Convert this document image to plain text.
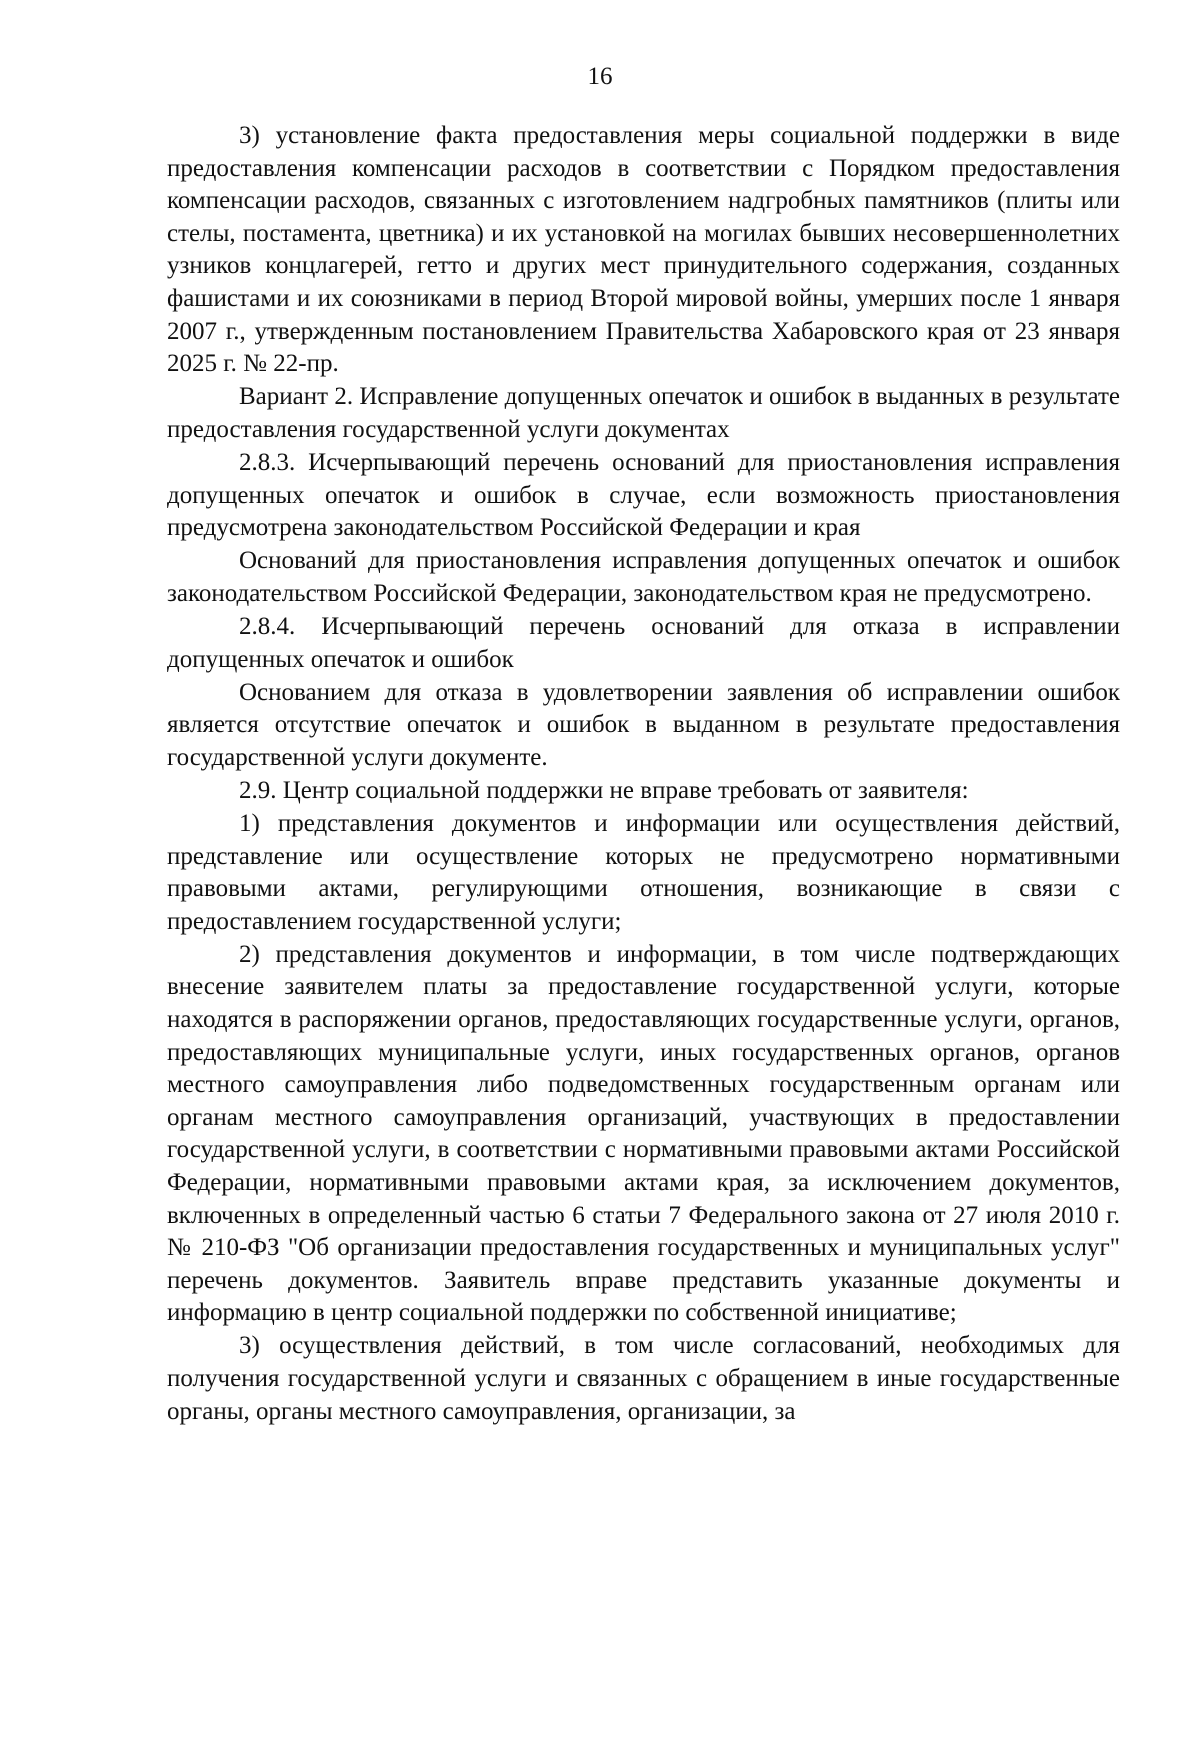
16

3) установление факта предоставления меры социальной поддержки в виде предоставления компенсации расходов в соответствии с Порядком предоставления компенсации расходов, связанных с изготовлением надгробных памятников (плиты или стелы, постамента, цветника) и их установкой на могилах бывших несовершеннолетних узников концлагерей, гетто и других мест принудительного содержания, созданных фашистами и их союзниками в период Второй мировой войны, умерших после 1 января 2007 г., утвержденным постановлением Правительства Хабаровского края от 23 января 2025 г. № 22-пр.

Вариант 2. Исправление допущенных опечаток и ошибок в выданных в результате предоставления государственной услуги документах

2.8.3. Исчерпывающий перечень оснований для приостановления исправления допущенных опечаток и ошибок в случае, если возможность приостановления предусмотрена законодательством Российской Федерации и края

Оснований для приостановления исправления допущенных опечаток и ошибок законодательством Российской Федерации, законодательством края не предусмотрено.

2.8.4. Исчерпывающий перечень оснований для отказа в исправлении допущенных опечаток и ошибок

Основанием для отказа в удовлетворении заявления об исправлении ошибок является отсутствие опечаток и ошибок в выданном в результате предоставления государственной услуги документе.

2.9. Центр социальной поддержки не вправе требовать от заявителя:

1) представления документов и информации или осуществления действий, представление или осуществление которых не предусмотрено нормативными правовыми актами, регулирующими отношения, возникающие в связи с предоставлением государственной услуги;

2) представления документов и информации, в том числе подтверждающих внесение заявителем платы за предоставление государственной услуги, которые находятся в распоряжении органов, предоставляющих государственные услуги, органов, предоставляющих муниципальные услуги, иных государственных органов, органов местного самоуправления либо подведомственных государственным органам или органам местного самоуправления организаций, участвующих в предоставлении государственной услуги, в соответствии с нормативными правовыми актами Российской Федерации, нормативными правовыми актами края, за исключением документов, включенных в определенный частью 6 статьи 7 Федерального закона от 27 июля 2010 г. № 210-ФЗ "Об организации предоставления государственных и муниципальных услуг" перечень документов. Заявитель вправе представить указанные документы и информацию в центр социальной поддержки по собственной инициативе;

3) осуществления действий, в том числе согласований, необходимых для получения государственной услуги и связанных с обращением в иные государственные органы, органы местного самоуправления, организации, за
